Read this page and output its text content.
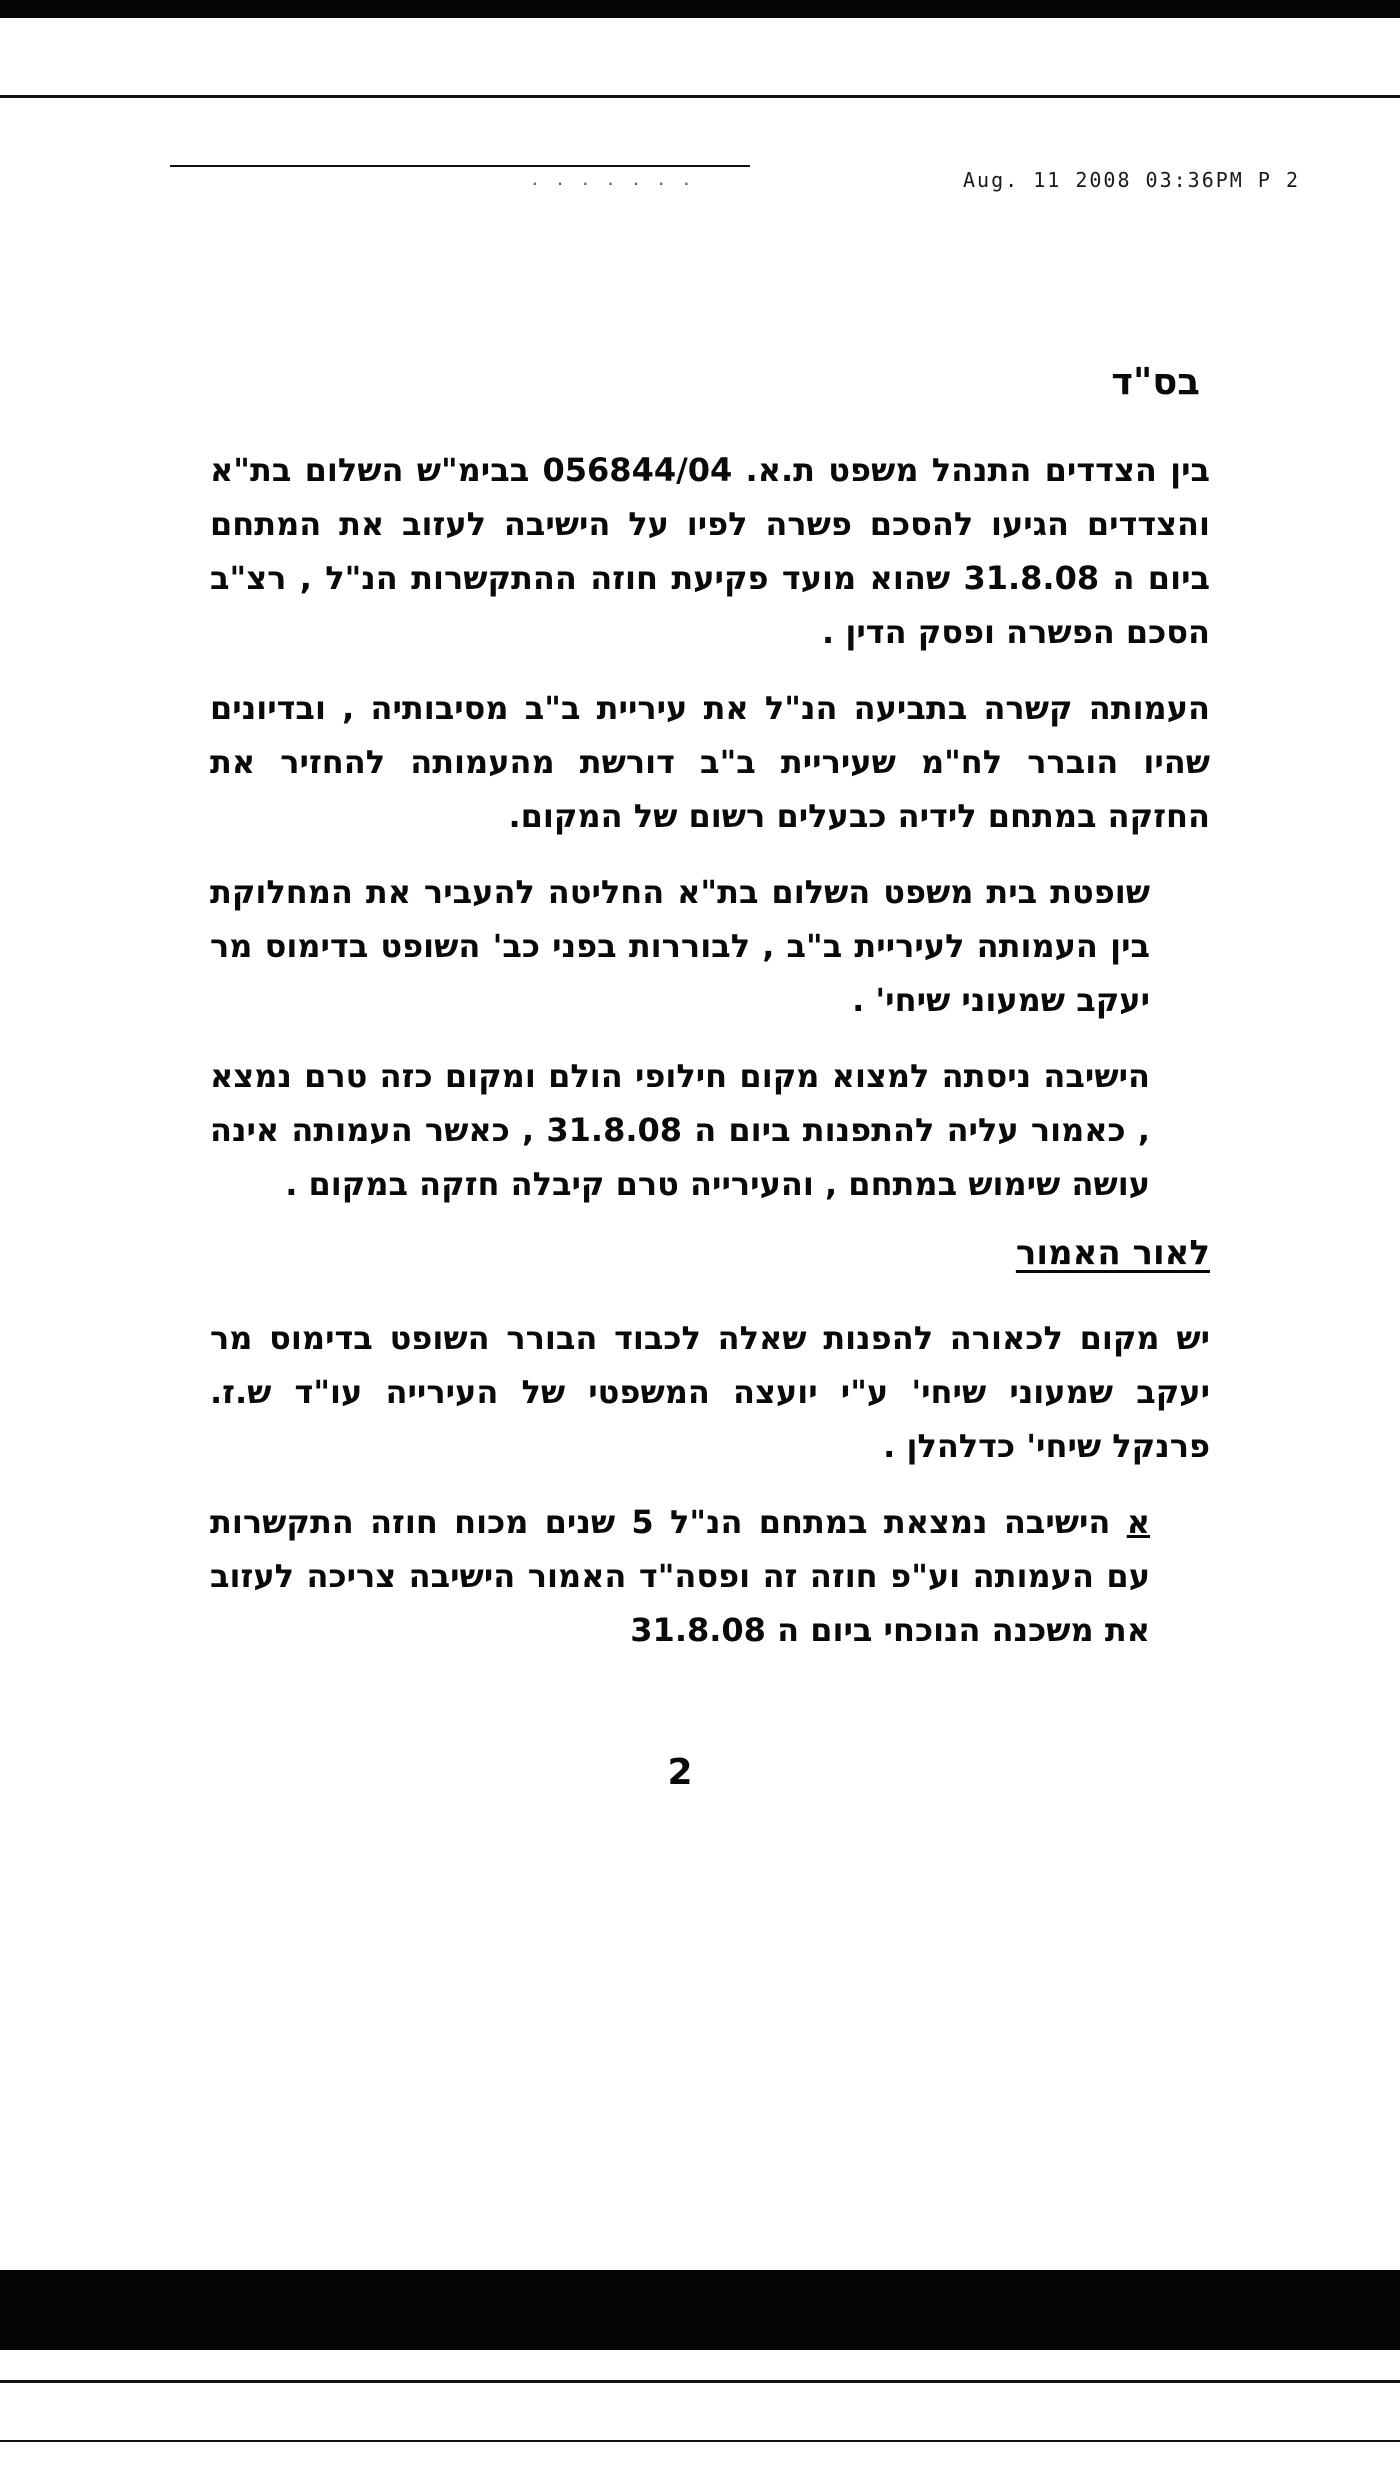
. . . . . . .	Aug. 11 2008 03:36PM P 2
בס"ד

בין הצדדים התנהל משפט ת.א. 056844/04 בבימ"ש השלום בת"א והצדדים הגיעו להסכם פשרה לפיו על הישיבה לעזוב את המתחם ביום ה 31.8.08 שהוא מועד פקיעת חוזה ההתקשרות הנ"ל , רצ"ב הסכם הפשרה ופסק הדין .

העמותה קשרה בתביעה הנ"ל את עיריית ב"ב מסיבותיה , ובדיונים שהיו הוברר לח"מ שעיריית ב"ב דורשת מהעמותה להחזיר את החזקה במתחם לידיה כבעלים רשום של המקום.

שופטת בית משפט השלום בת"א החליטה להעביר את המחלוקת בין העמותה לעיריית ב"ב , לבוררות בפני כב' השופט בדימוס מר יעקב שמעוני שיחי' .

הישיבה ניסתה למצוא מקום חילופי הולם ומקום כזה טרם נמצא , כאמור עליה להתפנות ביום ה 31.8.08 , כאשר העמותה אינה עושה שימוש במתחם , והעירייה טרם קיבלה חזקה במקום .

לאור האמור

יש מקום לכאורה להפנות שאלה לכבוד הבורר השופט בדימוס מר יעקב שמעוני שיחי' ע"י יועצה המשפטי של העירייה עו"ד ש.ז. פרנקל שיחי' כדלהלן .

א הישיבה נמצאת במתחם הנ"ל 5 שנים מכוח חוזה התקשרות עם העמותה וע"פ חוזה זה ופסה"ד האמור הישיבה צריכה לעזוב את משכנה הנוכחי ביום ה 31.8.08

2
